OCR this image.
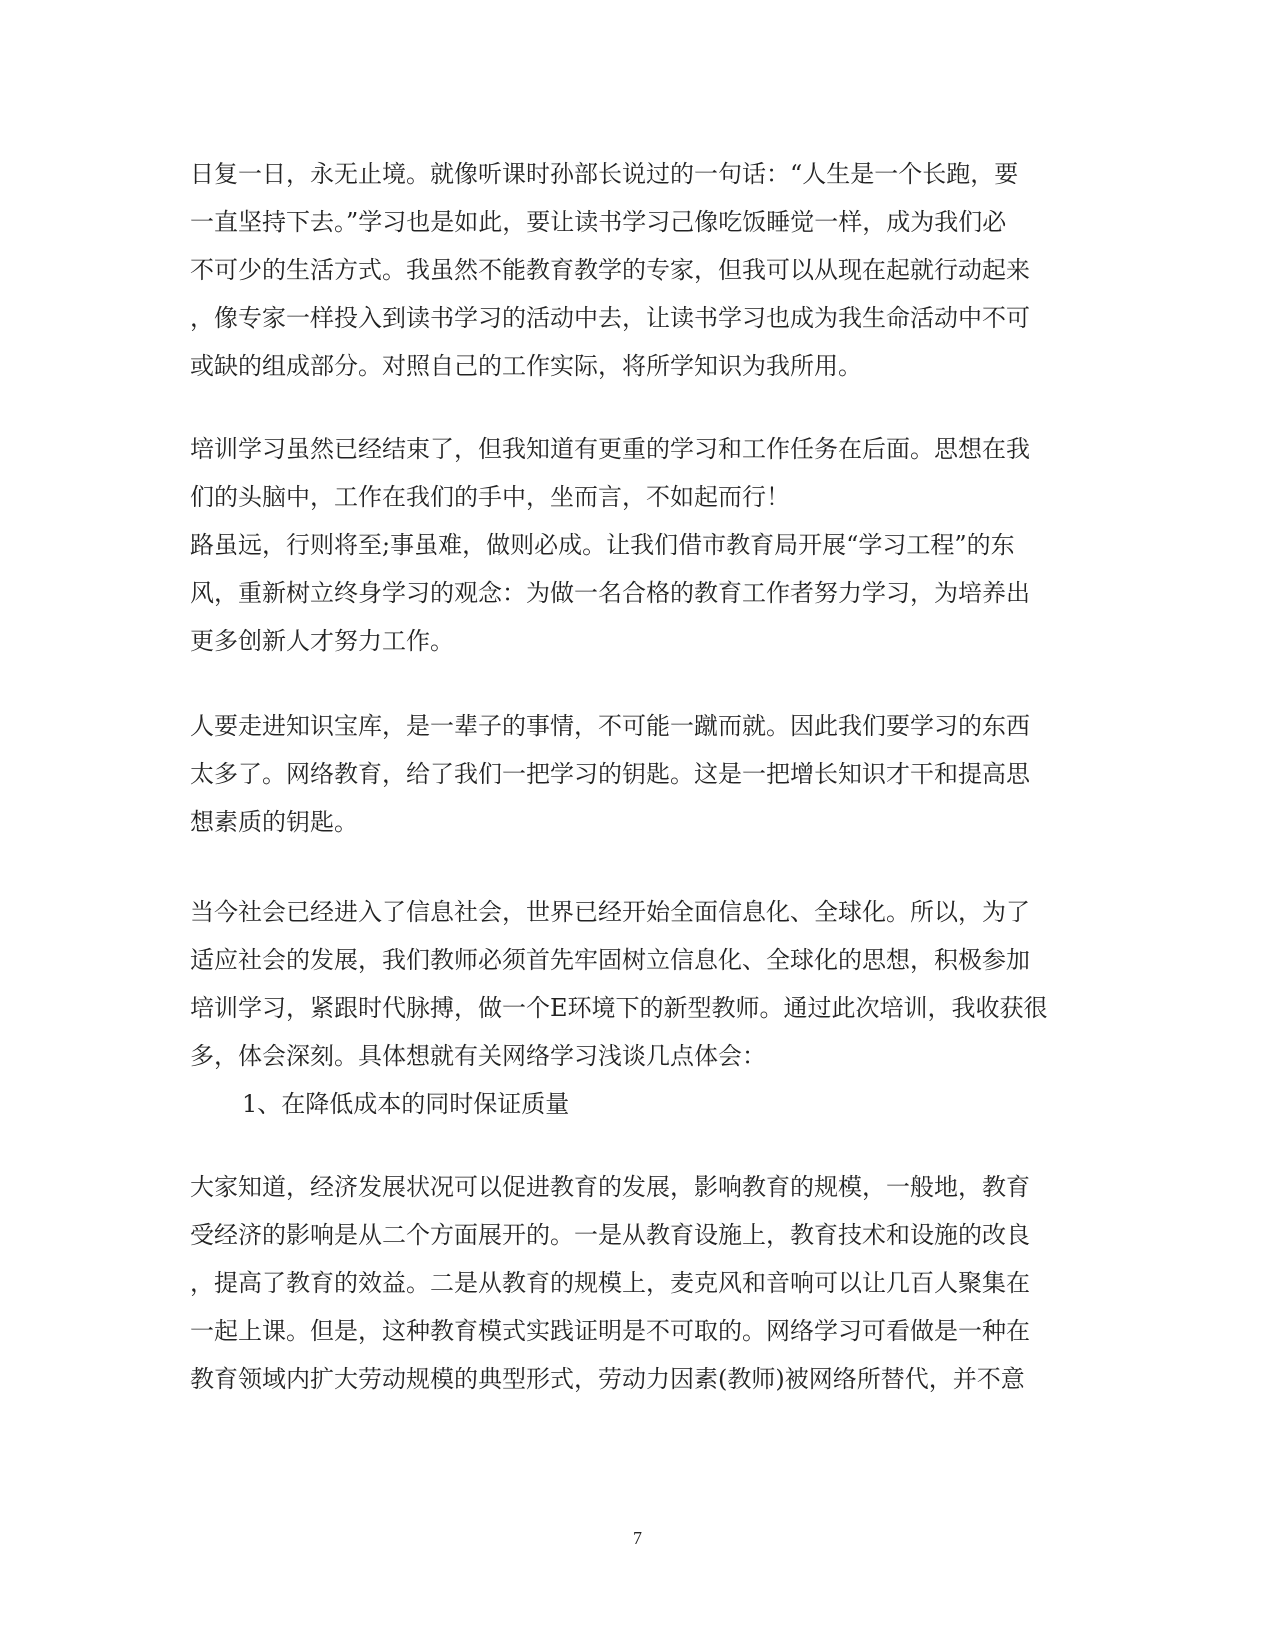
日复一日，永无止境。就像听课时孙部长说过的一句话：“人生是一个长跑，要
一直坚持下去。”学习也是如此，要让读书学习己像吃饭睡觉一样，成为我们必
不可少的生活方式。我虽然不能教育教学的专家，但我可以从现在起就行动起来
，像专家一样投入到读书学习的活动中去，让读书学习也成为我生命活动中不可
或缺的组成部分。对照自己的工作实际，将所学知识为我所用。
培训学习虽然已经结束了，但我知道有更重的学习和工作任务在后面。思想在我
们的头脑中，工作在我们的手中，坐而言，不如起而行！
路虽远，行则将至;事虽难，做则必成。让我们借市教育局开展“学习工程”的东
风，重新树立终身学习的观念：为做一名合格的教育工作者努力学习，为培养出
更多创新人才努力工作。
人要走进知识宝库，是一辈子的事情，不可能一蹴而就。因此我们要学习的东西
太多了。网络教育，给了我们一把学习的钥匙。这是一把增长知识才干和提高思
想素质的钥匙。
当今社会已经进入了信息社会，世界已经开始全面信息化、全球化。所以，为了
适应社会的发展，我们教师必须首先牢固树立信息化、全球化的思想，积极参加
培训学习，紧跟时代脉搏，做一个E环境下的新型教师。通过此次培训，我收获很
多，体会深刻。具体想就有关网络学习浅谈几点体会：
1、在降低成本的同时保证质量
大家知道，经济发展状况可以促进教育的发展，影响教育的规模，一般地，教育
受经济的影响是从二个方面展开的。一是从教育设施上，教育技术和设施的改良
，提高了教育的效益。二是从教育的规模上，麦克风和音响可以让几百人聚集在
一起上课。但是，这种教育模式实践证明是不可取的。网络学习可看做是一种在
教育领域内扩大劳动规模的典型形式，劳动力因素(教师)被网络所替代，并不意
7
